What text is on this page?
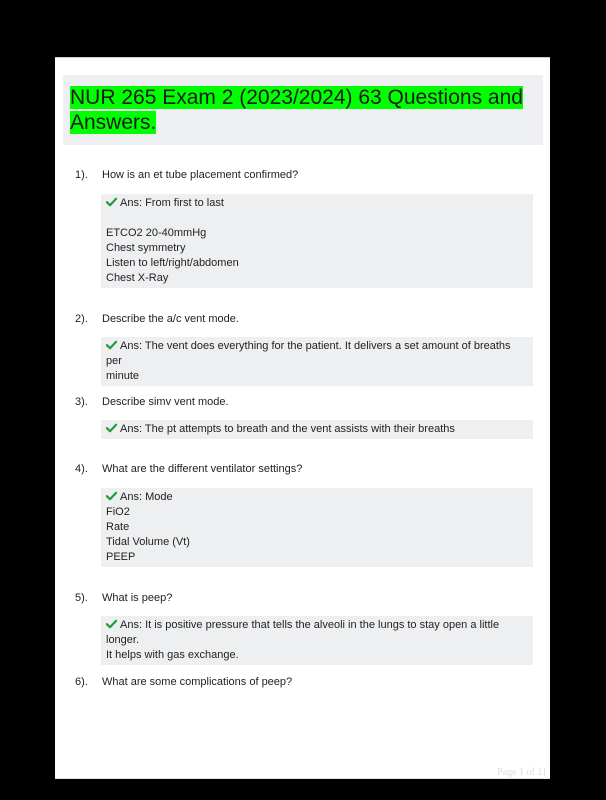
NUR 265 Exam 2 (2023/2024) 63 Questions and Answers.
1). How is an et tube placement confirmed?
Ans: From first to last
ETCO2 20-40mmHg
Chest symmetry
Listen to left/right/abdomen
Chest X-Ray
2). Describe the a/c vent mode.
Ans: The vent does everything for the patient. It delivers a set amount of breaths per
minute
3). Describe simv vent mode.
Ans: The pt attempts to breath and the vent assists with their breaths
4). What are the different ventilator settings?
Ans: Mode
FiO2
Rate
Tidal Volume (Vt)
PEEP
5). What is peep?
Ans: It is positive pressure that tells the alveoli in the lungs to stay open a little longer.
It helps with gas exchange.
6). What are some complications of peep?
Page 1 of 11
